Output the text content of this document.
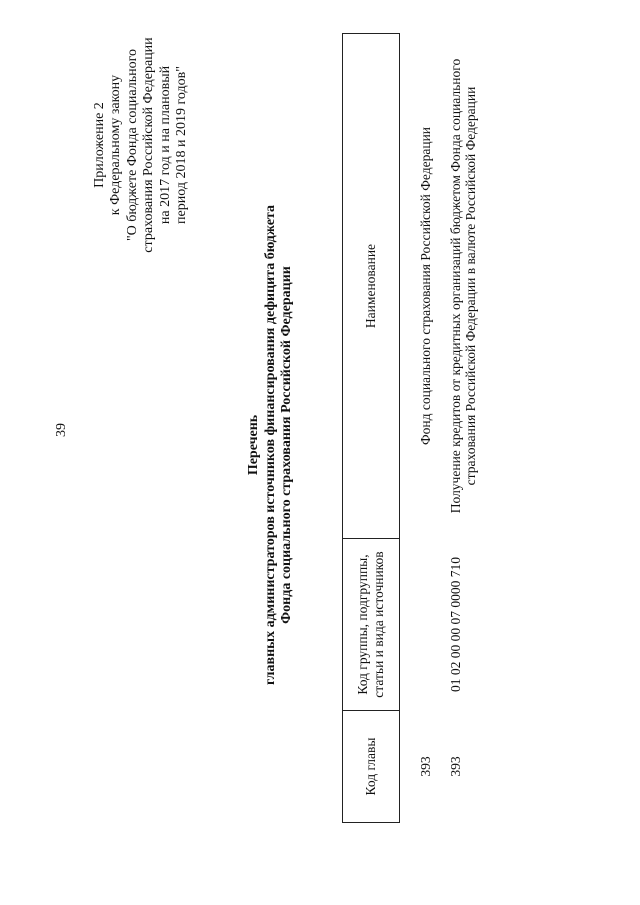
39
Приложение 2 к Федеральному закону "О бюджете Фонда социального страхования Российской Федерации на 2017 год и на плановый период 2018 и 2019 годов"
Перечень главных администраторов источников финансирования дефицита бюджета Фонда социального страхования Российской Федерации
Код главы	Код группы, подгруппы, статьи и вида источников	Наименование
393		Фонд социального страхования Российской Федерации
393	01 02 00 00 07 0000 710	Получение кредитов от кредитных организаций бюджетом Фонда социального страхования Российской Федерации в валюте Российской Федерации
